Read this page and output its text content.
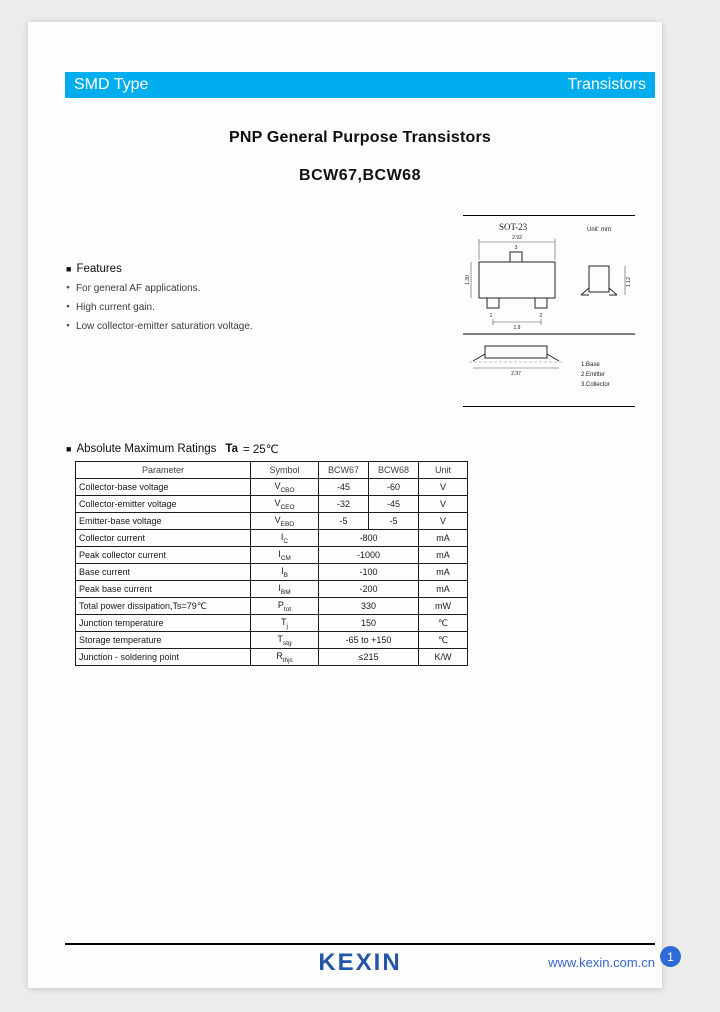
SMD Type	Transistors
PNP General Purpose Transistors
BCW67,BCW68
SOT-23	Unit: mm
1	2
3
2.92
1.30
1.9
1.12
2.37
1.Base
2.Emitter
3.Collector
■ Features
● For general AF applications.
● High current gain.
● Low collector-emitter saturation voltage.
■ Absolute Maximum Ratings Ta = 25℃
Parameter	Symbol	BCW67	BCW68	Unit
Collector-base voltage	$V_{CBO}$	-45	-60	V
Collector-emitter voltage	$V_{CEO}$	-32	-45	V
Emitter-base voltage	$V_{EBO}$	-5	-5	V
Collector current	$I_C$	-800		mA
Peak collector current	$I_{CM}$	-1000		mA
Base current	$I_B$	-100		mA
Peak base current	$I_{BM}$	-200		mA
Total power dissipation,Ts=79℃	$P_{tot}$	330		mW
Junction temperature	$T_j$	150		℃
Storage temperature	$T_{stg}$	-65 to +150		℃
Junction - soldering point	$R_{thjs}$	≤215		K/W
KEXIN	www.kexin.com.cn	1
